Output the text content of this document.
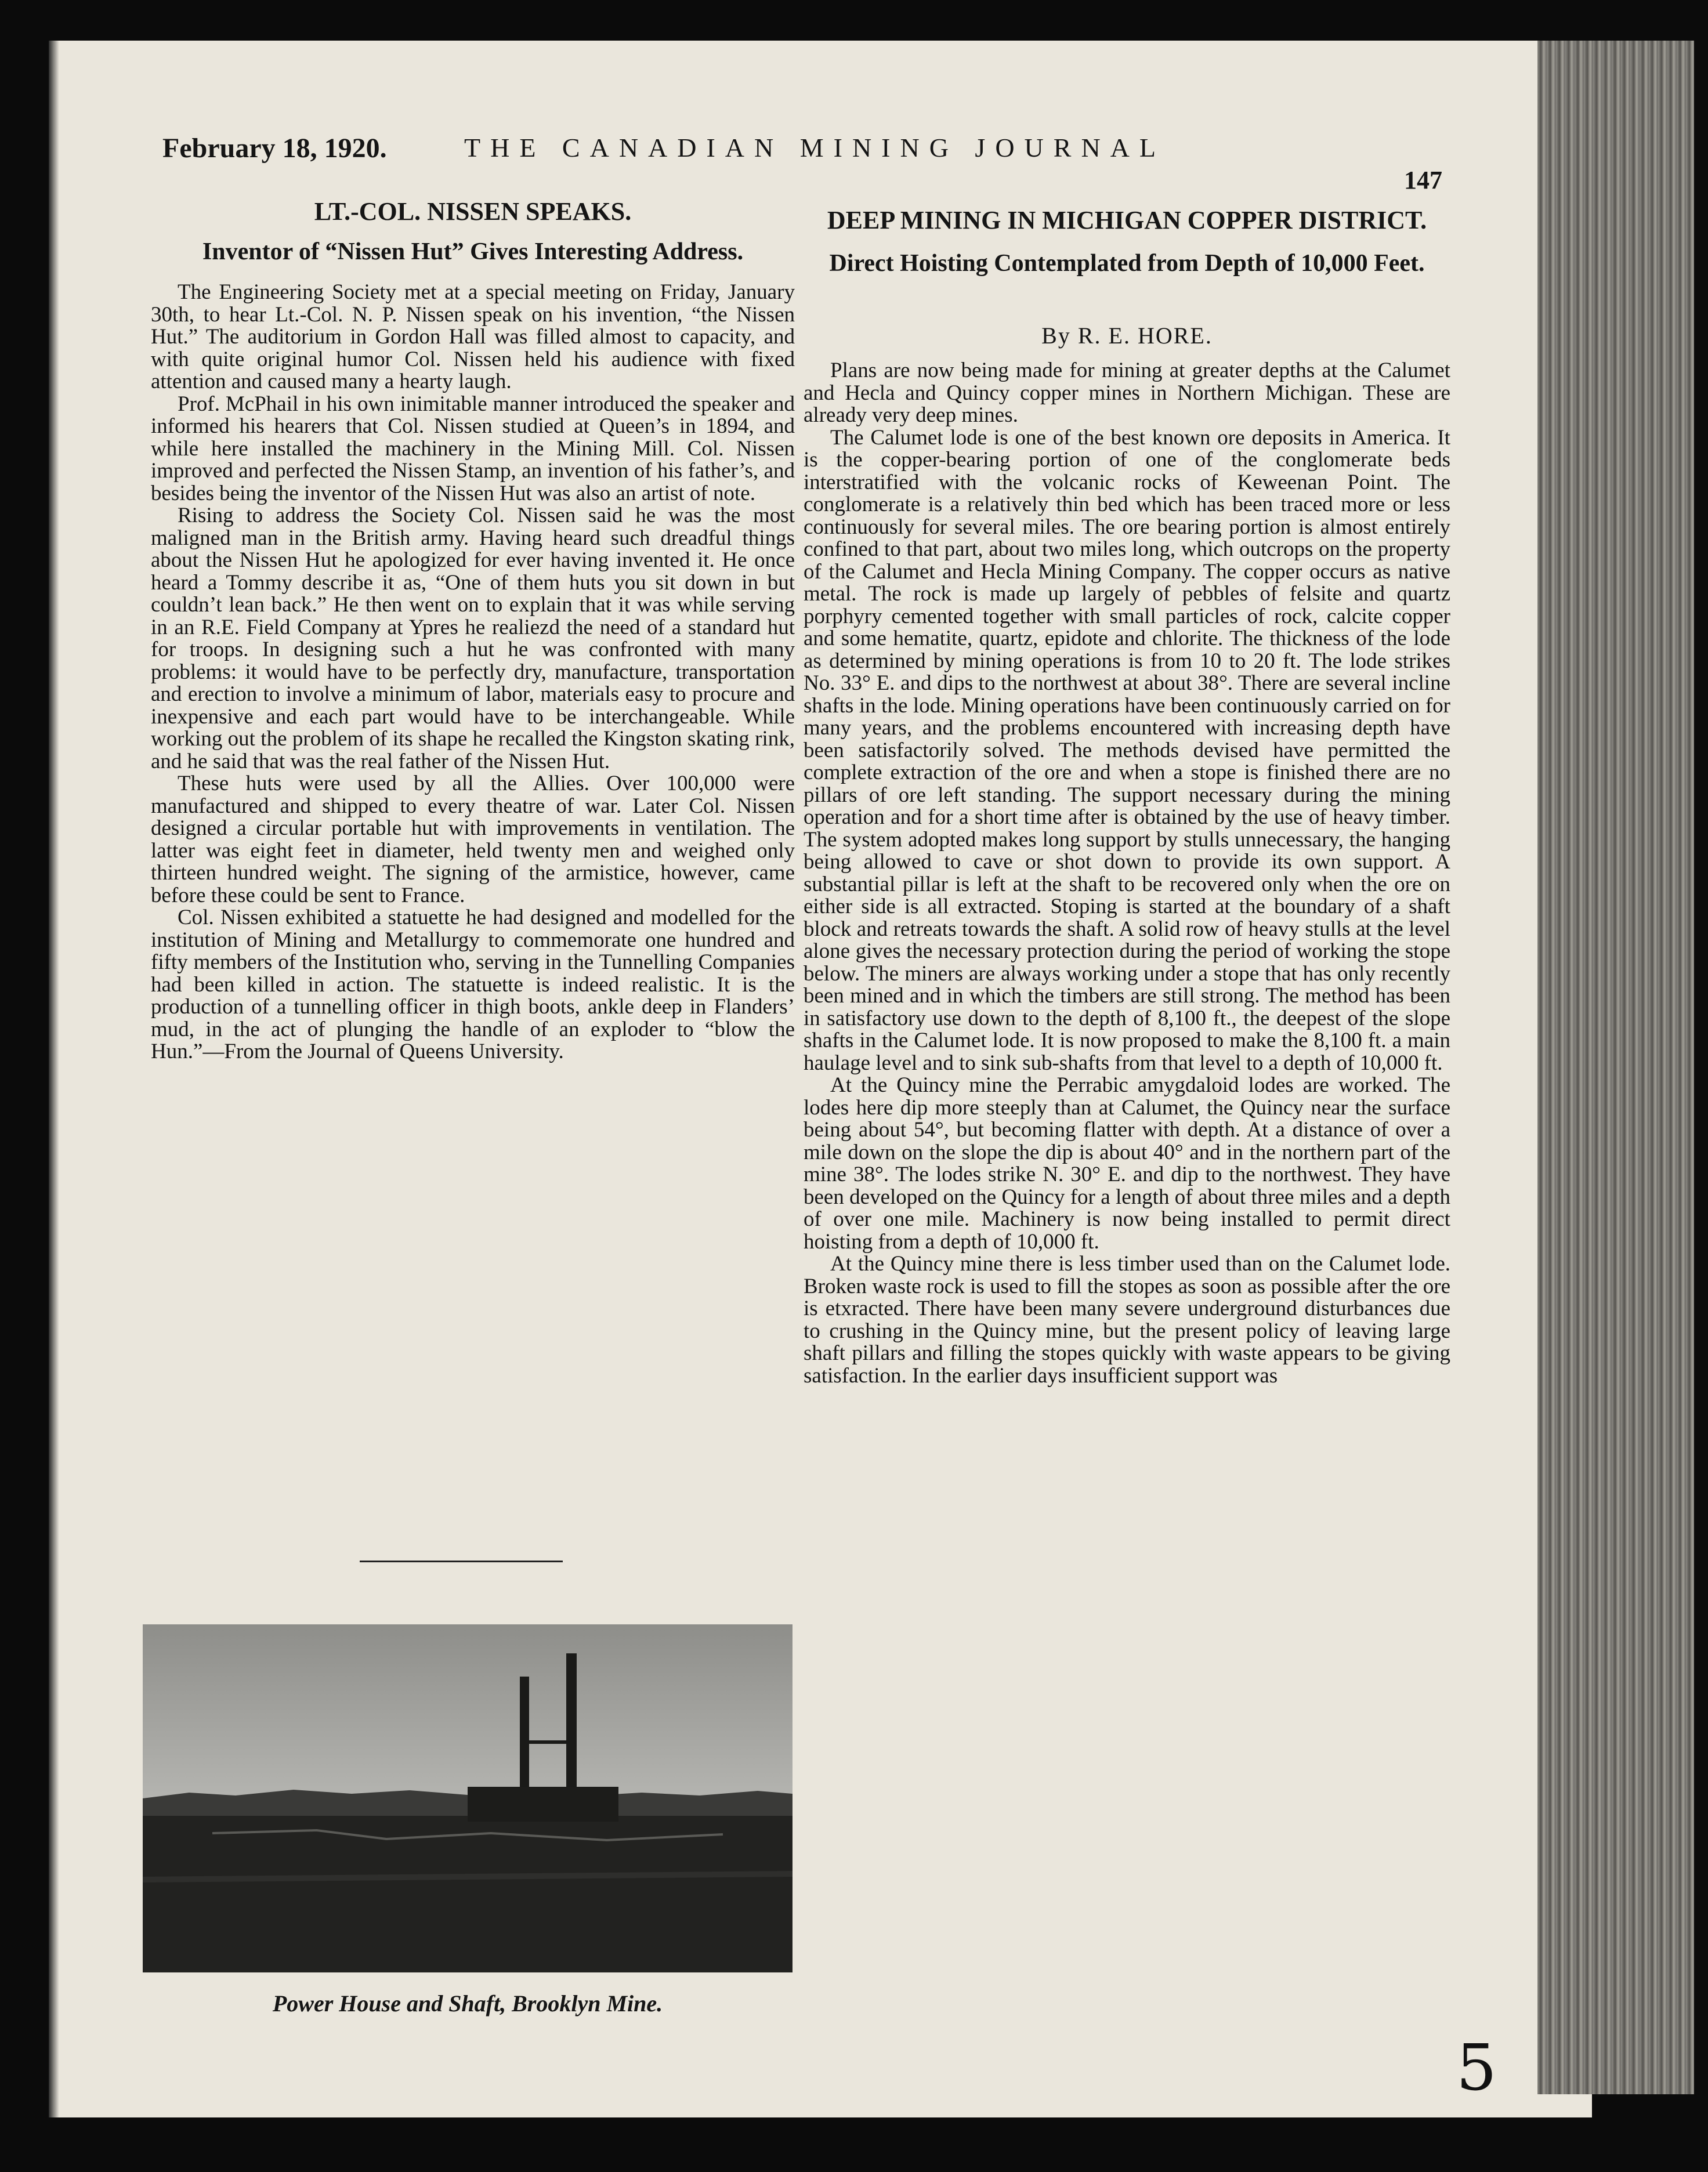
February 18, 1920.	THE CANADIAN MINING JOURNAL
147
LT.-COL. NISSEN SPEAKS.
Inventor of “Nissen Hut” Gives Interesting Address.

The Engineering Society met at a special meeting on Friday, January 30th, to hear Lt.-Col. N. P. Nissen speak on his invention, “the Nissen Hut.” The auditorium in Gordon Hall was filled almost to capacity, and with quite original humor Col. Nissen held his audience with fixed attention and caused many a hearty laugh.

Prof. McPhail in his own inimitable manner introduced the speaker and informed his hearers that Col. Nissen studied at Queen’s in 1894, and while here installed the machinery in the Mining Mill. Col. Nissen improved and perfected the Nissen Stamp, an invention of his father’s, and besides being the inventor of the Nissen Hut was also an artist of note.

Rising to address the Society Col. Nissen said he was the most maligned man in the British army. Having heard such dreadful things about the Nissen Hut he apologized for ever having invented it. He once heard a Tommy describe it as, “One of them huts you sit down in but couldn’t lean back.” He then went on to explain that it was while serving in an R.E. Field Company at Ypres he realiezd the need of a standard hut for troops. In designing such a hut he was confronted with many problems: it would have to be perfectly dry, manufacture, transportation and erection to involve a minimum of labor, materials easy to procure and inexpensive and each part would have to be interchangeable. While working out the problem of its shape he recalled the Kingston skating rink, and he said that was the real father of the Nissen Hut.

These huts were used by all the Allies. Over 100,000 were manufactured and shipped to every theatre of war. Later Col. Nissen designed a circular portable hut with improvements in ventilation. The latter was eight feet in diameter, held twenty men and weighed only thirteen hundred weight. The signing of the armistice, however, came before these could be sent to France.

Col. Nissen exhibited a statuette he had designed and modelled for the institution of Mining and Metallurgy to commemorate one hundred and fifty members of the Institution who, serving in the Tunnelling Companies had been killed in action. The statuette is indeed realistic. It is the production of a tunnelling officer in thigh boots, ankle deep in Flanders’ mud, in the act of plunging the handle of an exploder to “blow the Hun.”—From the Journal of Queens University.

Power House and Shaft, Brooklyn Mine.
DEEP MINING IN MICHIGAN COPPER DISTRICT.
Direct Hoisting Contemplated from Depth of 10,000 Feet.
By R. E. HORE.

Plans are now being made for mining at greater depths at the Calumet and Hecla and Quincy copper mines in Northern Michigan. These are already very deep mines.

The Calumet lode is one of the best known ore deposits in America. It is the copper-bearing portion of one of the conglomerate beds interstratified with the volcanic rocks of Keweenan Point. The conglomerate is a relatively thin bed which has been traced more or less continuously for several miles. The ore bearing portion is almost entirely confined to that part, about two miles long, which outcrops on the property of the Calumet and Hecla Mining Company. The copper occurs as native metal. The rock is made up largely of pebbles of felsite and quartz porphyry cemented together with small particles of rock, calcite copper and some hematite, quartz, epidote and chlorite. The thickness of the lode as determined by mining operations is from 10 to 20 ft. The lode strikes No. 33° E. and dips to the northwest at about 38°. There are several incline shafts in the lode. Mining operations have been continuously carried on for many years, and the problems encountered with increasing depth have been satisfactorily solved. The methods devised have permitted the complete extraction of the ore and when a stope is finished there are no pillars of ore left standing. The support necessary during the mining operation and for a short time after is obtained by the use of heavy timber. The system adopted makes long support by stulls unnecessary, the hanging being allowed to cave or shot down to provide its own support. A substantial pillar is left at the shaft to be recovered only when the ore on either side is all extracted. Stoping is started at the boundary of a shaft block and retreats towards the shaft. A solid row of heavy stulls at the level alone gives the necessary protection during the period of working the stope below. The miners are always working under a stope that has only recently been mined and in which the timbers are still strong. The method has been in satisfactory use down to the depth of 8,100 ft., the deepest of the slope shafts in the Calumet lode. It is now proposed to make the 8,100 ft. a main haulage level and to sink sub-shafts from that level to a depth of 10,000 ft.

At the Quincy mine the Perrabic amygdaloid lodes are worked. The lodes here dip more steeply than at Calumet, the Quincy near the surface being about 54°, but becoming flatter with depth. At a distance of over a mile down on the slope the dip is about 40° and in the northern part of the mine 38°. The lodes strike N. 30° E. and dip to the northwest. They have been developed on the Quincy for a length of about three miles and a depth of over one mile. Machinery is now being installed to permit direct hoisting from a depth of 10,000 ft.

At the Quincy mine there is less timber used than on the Calumet lode. Broken waste rock is used to fill the stopes as soon as possible after the ore is etxracted. There have been many severe underground disturbances due to crushing in the Quincy mine, but the present policy of leaving large shaft pillars and filling the stopes quickly with waste appears to be giving satisfaction. In the earlier days insufficient support was

5
